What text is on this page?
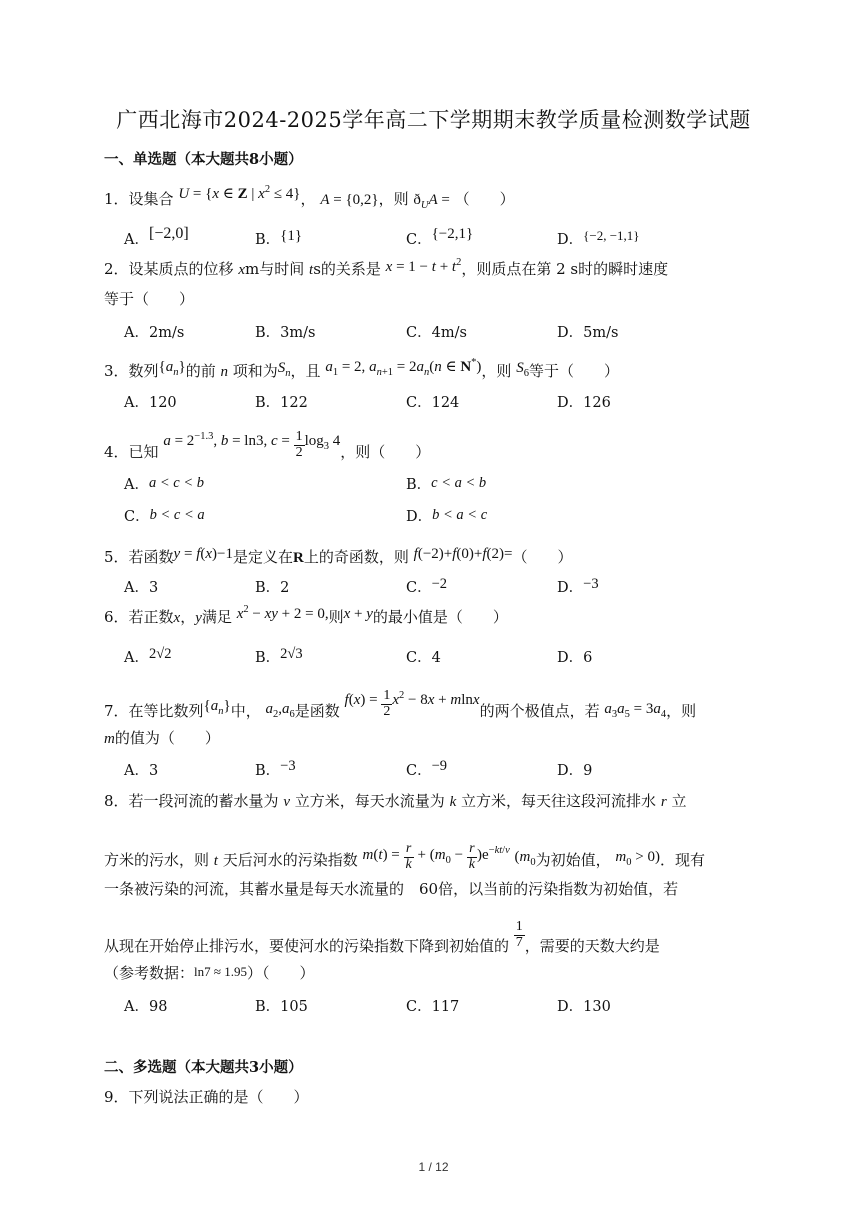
广西北海市2024-2025学年高二下学期期末教学质量检测数学试题
一、单选题（本大题共8小题）
1．设集合 U = {x ∈ Z | $x^2 \le 4$}， A = {0,2}，则 $ð_UA$ = （　　）
A．[−2,0]	B．{1}	C．{−2,1}	D．{−2, −1,1}
2．设某质点的位移 xm与时间 ts的关系是 $x = 1 - t + t^2$，则质点在第 2 s时的瞬时速度
等于（　　）
A．2m/s	B．3m/s	C．4m/s	D．5m/s
3．数列$\{a_n\}$的前 n 项和为$S_n$，且 $a_1 = 2$, $a_{n+1} = 2a_n(n$ ∈ N*)，则 $S_6$等于（　　）
A．120	B．122	C．124	D．126
4．已知 $a = 2^{-1.3}$, b = ln3, $c = \frac{1}{2} \log_3 4$，则（　　）
A．a < c < b	B．c < a < b
C．b < c < a	D．b < a < c
5．若函数y = f(x)−1是定义在R上的奇函数，则 f(−2)+f(0)+f(2)=（　　）
A．3	B．2	C．−2	D．−3
6．若正数x，y满足 $x^2$ − xy + 2 = 0,则x + y的最小值是（　　）
A．2√2	B．2√3	C．4	D．6
7．在等比数列$\{a_n\}$中， $a_2,a_6$是函数 $f(x) = \frac{1}{2} x^2 - 8x + mlnx$的两个极值点，若 $a_3a_5 = 3a_4$，则
m的值为（　　）
A．3	B．−3	C．−9	D．9
8．若一段河流的蓄水量为 v 立方米，每天水流量为 k 立方米，每天往这段河流排水 r 立
方米的污水，则 t 天后河水的污染指数 $m(t) = \frac{r}{k} + (m_0 - \frac{r}{k} )e^{-kt/v}$ ($m_0$为初始值， $m_0 > 0$)．现有
一条被污染的河流，其蓄水量是每天水流量的　60倍，以当前的污染指数为初始值，若
从现在开始停止排污水，要使河水的污染指数下降到初始值的 $\frac{1}{7}$ ，需要的天数大约是
（参考数据：ln7 ≈ 1.95）（　　）
A．98	B．105	C．117	D．130
二、多选题（本大题共3小题）
9．下列说法正确的是（　　）
1 / 12
